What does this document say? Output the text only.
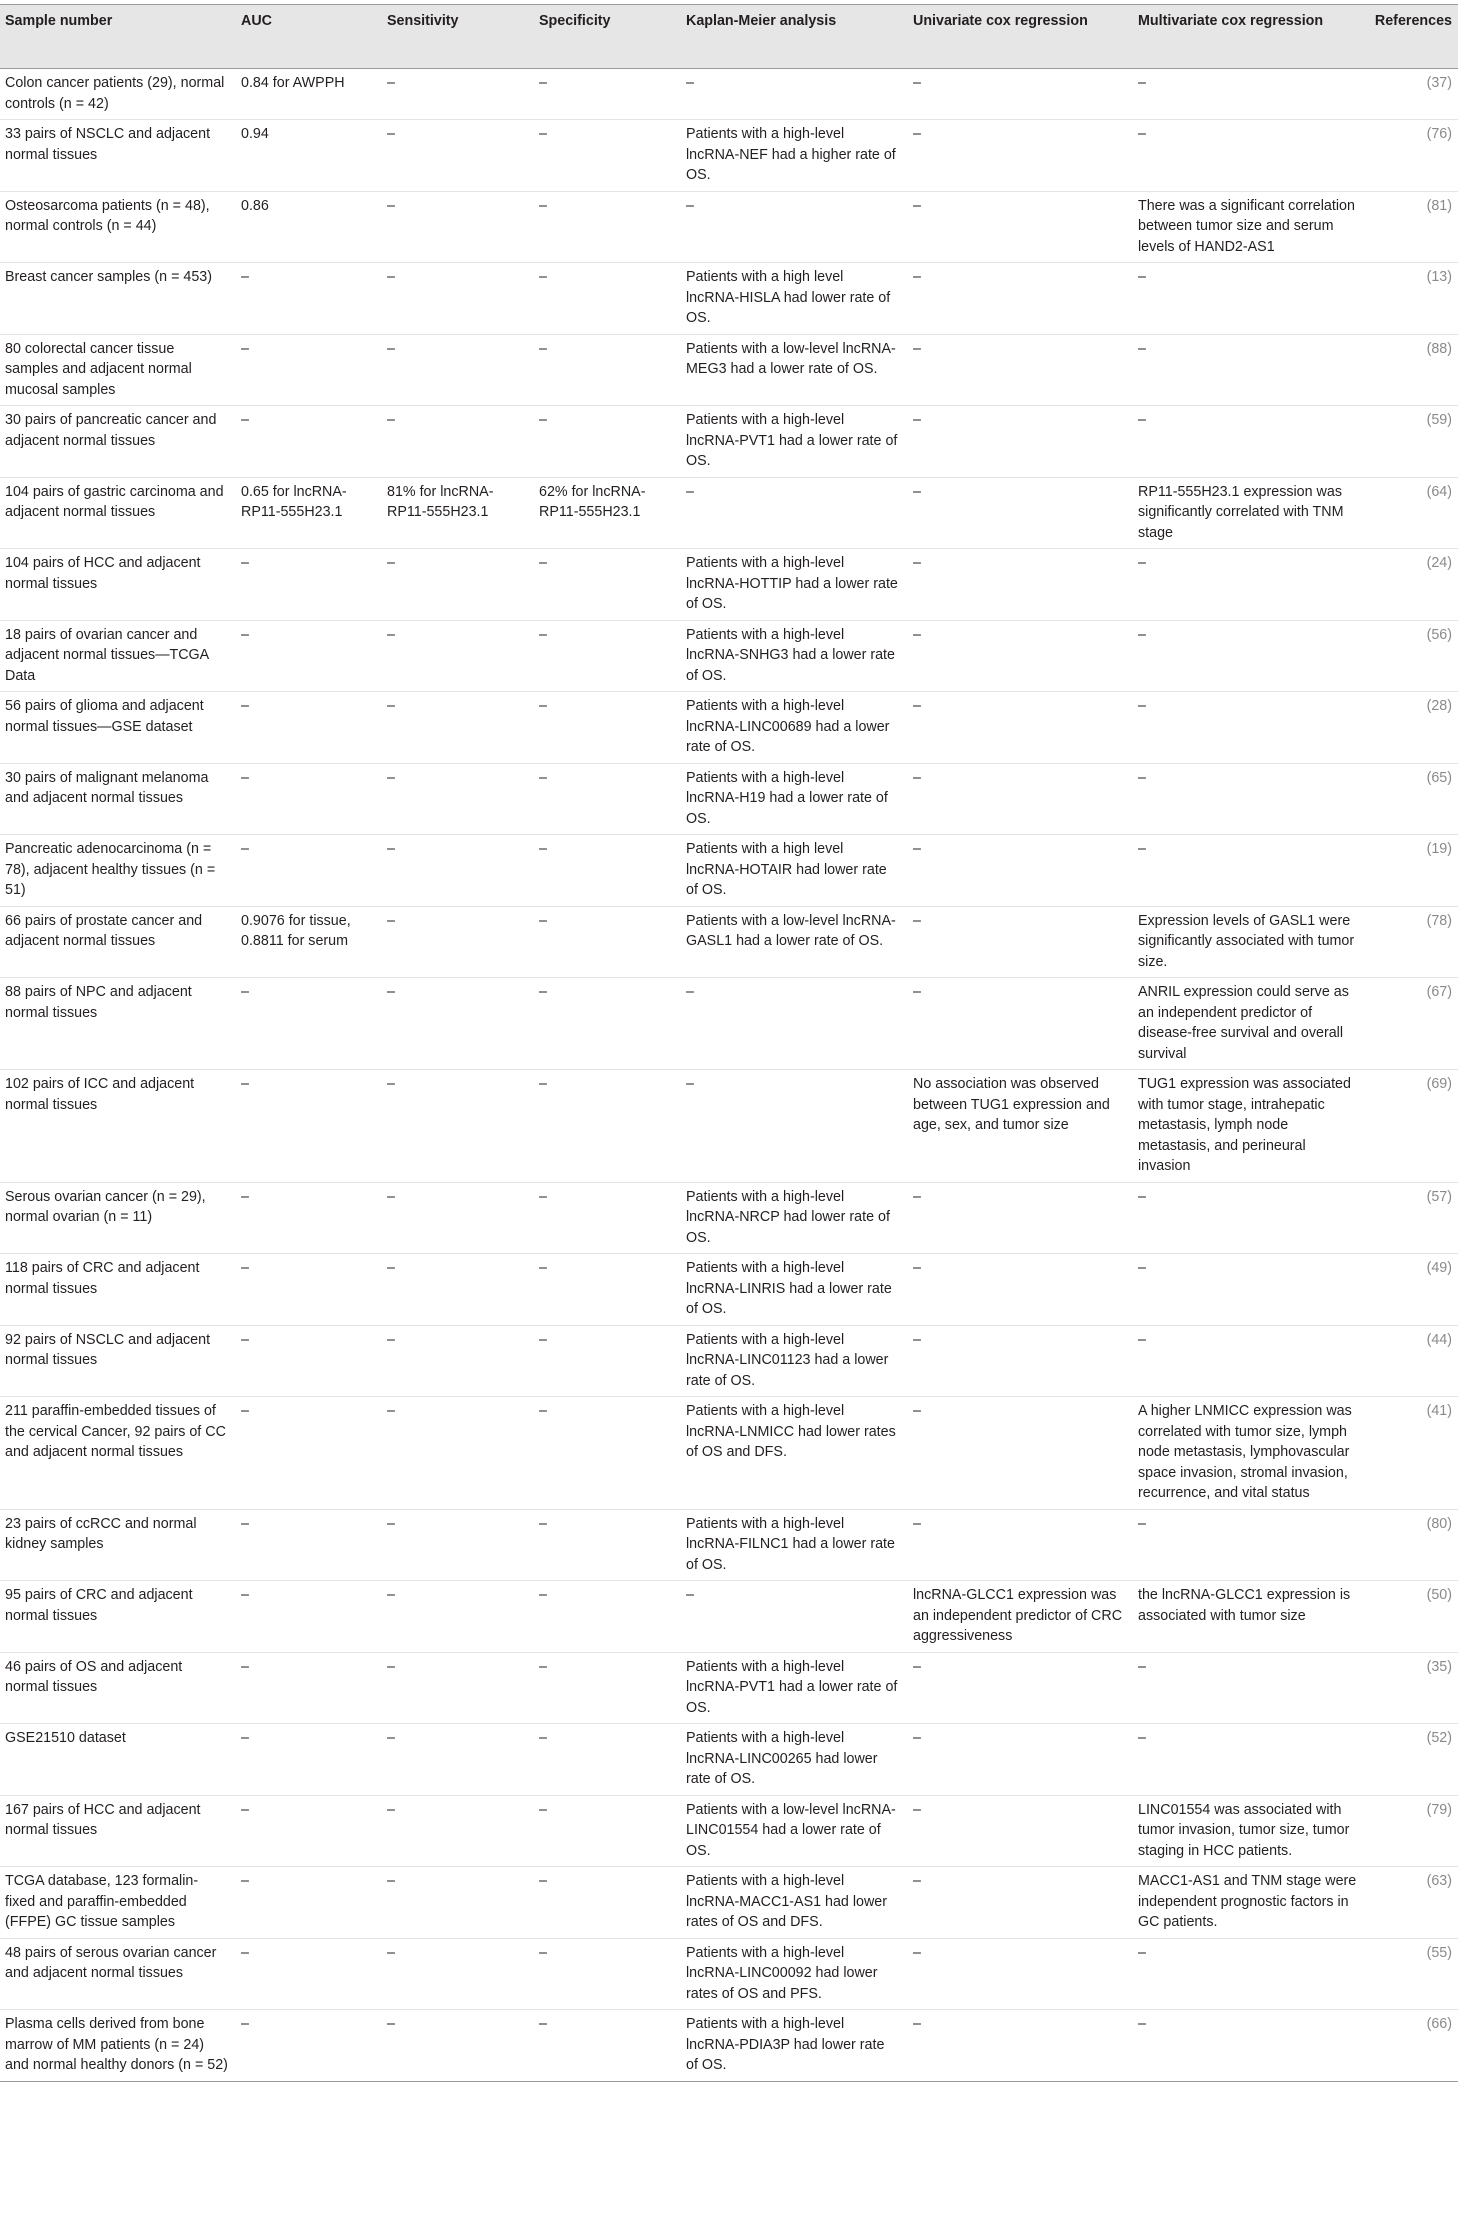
Sample number	AUC	Sensitivity	Specificity	Kaplan-Meier analysis	Univariate cox regression	Multivariate cox regression	References
Colon cancer patients (29), normal controls (n = 42)	0.84 for AWPPH	–	–	–	–	–	(37)
33 pairs of NSCLC and adjacent normal tissues	0.94	–	–	Patients with a high-level lncRNA-NEF had a higher rate of OS.	–	–	(76)
Osteosarcoma patients (n = 48), normal controls (n = 44)	0.86	–	–	–	–	There was a significant correlation between tumor size and serum levels of HAND2-AS1	(81)
Breast cancer samples (n = 453)	–	–	–	Patients with a high level lncRNA-HISLA had lower rate of OS.	–	–	(13)
80 colorectal cancer tissue samples and adjacent normal mucosal samples	–	–	–	Patients with a low-level lncRNA-MEG3 had a lower rate of OS.	–	–	(88)
30 pairs of pancreatic cancer and adjacent normal tissues	–	–	–	Patients with a high-level lncRNA-PVT1 had a lower rate of OS.	–	–	(59)
104 pairs of gastric carcinoma and adjacent normal tissues	0.65 for lncRNA-RP11-555H23.1	81% for lncRNA-RP11-555H23.1	62% for lncRNA-RP11-555H23.1	–	–	RP11-555H23.1 expression was significantly correlated with TNM stage	(64)
104 pairs of HCC and adjacent normal tissues	–	–	–	Patients with a high-level lncRNA-HOTTIP had a lower rate of OS.	–	–	(24)
18 pairs of ovarian cancer and adjacent normal tissues—TCGA Data	–	–	–	Patients with a high-level lncRNA-SNHG3 had a lower rate of OS.	–	–	(56)
56 pairs of glioma and adjacent normal tissues—GSE dataset	–	–	–	Patients with a high-level lncRNA-LINC00689 had a lower rate of OS.	–	–	(28)
30 pairs of malignant melanoma and adjacent normal tissues	–	–	–	Patients with a high-level lncRNA-H19 had a lower rate of OS.	–	–	(65)
Pancreatic adenocarcinoma (n = 78), adjacent healthy tissues (n = 51)	–	–	–	Patients with a high level lncRNA-HOTAIR had lower rate of OS.	–	–	(19)
66 pairs of prostate cancer and adjacent normal tissues	0.9076 for tissue, 0.8811 for serum	–	–	Patients with a low-level lncRNA-GASL1 had a lower rate of OS.	–	Expression levels of GASL1 were significantly associated with tumor size.	(78)
88 pairs of NPC and adjacent normal tissues	–	–	–	–	–	ANRIL expression could serve as an independent predictor of disease-free survival and overall survival	(67)
102 pairs of ICC and adjacent normal tissues	–	–	–	–	No association was observed between TUG1 expression and age, sex, and tumor size	TUG1 expression was associated with tumor stage, intrahepatic metastasis, lymph node metastasis, and perineural invasion	(69)
Serous ovarian cancer (n = 29), normal ovarian (n = 11)	–	–	–	Patients with a high-level lncRNA-NRCP had lower rate of OS.	–	–	(57)
118 pairs of CRC and adjacent normal tissues	–	–	–	Patients with a high-level lncRNA-LINRIS had a lower rate of OS.	–	–	(49)
92 pairs of NSCLC and adjacent normal tissues	–	–	–	Patients with a high-level lncRNA-LINC01123 had a lower rate of OS.	–	–	(44)
211 paraffin-embedded tissues of the cervical Cancer, 92 pairs of CC and adjacent normal tissues	–	–	–	Patients with a high-level lncRNA-LNMICC had lower rates of OS and DFS.	–	A higher LNMICC expression was correlated with tumor size, lymph node metastasis, lymphovascular space invasion, stromal invasion, recurrence, and vital status	(41)
23 pairs of ccRCC and normal kidney samples	–	–	–	Patients with a high-level lncRNA-FILNC1 had a lower rate of OS.	–	–	(80)
95 pairs of CRC and adjacent normal tissues	–	–	–	–	lncRNA-GLCC1 expression was an independent predictor of CRC aggressiveness	the lncRNA-GLCC1 expression is associated with tumor size	(50)
46 pairs of OS and adjacent normal tissues	–	–	–	Patients with a high-level lncRNA-PVT1 had a lower rate of OS.	–	–	(35)
GSE21510 dataset	–	–	–	Patients with a high-level lncRNA-LINC00265 had lower rate of OS.	–	–	(52)
167 pairs of HCC and adjacent normal tissues	–	–	–	Patients with a low-level lncRNA-LINC01554 had a lower rate of OS.	–	LINC01554 was associated with tumor invasion, tumor size, tumor staging in HCC patients.	(79)
TCGA database, 123 formalin-fixed and paraffin-embedded (FFPE) GC tissue samples	–	–	–	Patients with a high-level lncRNA-MACC1-AS1 had lower rates of OS and DFS.	–	MACC1-AS1 and TNM stage were independent prognostic factors in GC patients.	(63)
48 pairs of serous ovarian cancer and adjacent normal tissues	–	–	–	Patients with a high-level lncRNA-LINC00092 had lower rates of OS and PFS.	–	–	(55)
Plasma cells derived from bone marrow of MM patients (n = 24) and normal healthy donors (n = 52)	–	–	–	Patients with a high-level lncRNA-PDIA3P had lower rate of OS.	–	–	(66)
